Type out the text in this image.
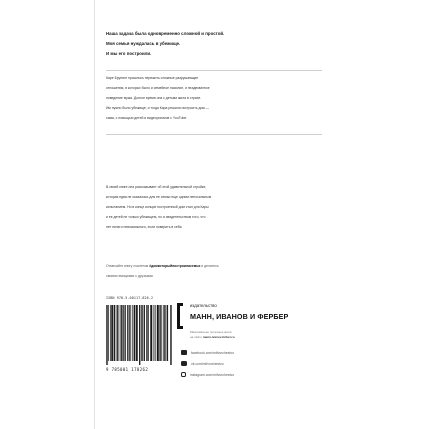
Наша задача была одновременно сложной и простой.
Моя семья нуждалась в убежище.
И мы его построили.
Каре Брунинг пришлось пережить сложные разрушающие
отношения, в которых было и семейное насилие, и неадекватное
поведение мужа. Долгое время она с детьми жила в страхе.
Им нужно было убежище, и тогда Кара решила построить дом —
сама, с помощью детей и видеороликов с YouTube.
В своей книге она рассказывает об этой удивительной стройке,
которая едва не оказалась для ее семьи еще одним непосильным
испытанием. Но в конце концов построенный дом стал для Кары
и ее детей не только убежищем, но и свидетельством того, что
нет ничего невозможного, если поверить в себя.
Отмечайте книгу хэштегом #домкоторыйпостроиласемья и делитесь
своими эмоциями с друзьями
ISBN 978-5-00117-826-2
9 785001 178262
издательство
МАНН, ИВАНОВ И ФЕРБЕР
Максимально полезные книги
на сайте mann-ivanov-ferber.ru
facebook.com/mifvorchestvo
vk.com/mifvorchestvo
instagram.com/mifvorchestvo
